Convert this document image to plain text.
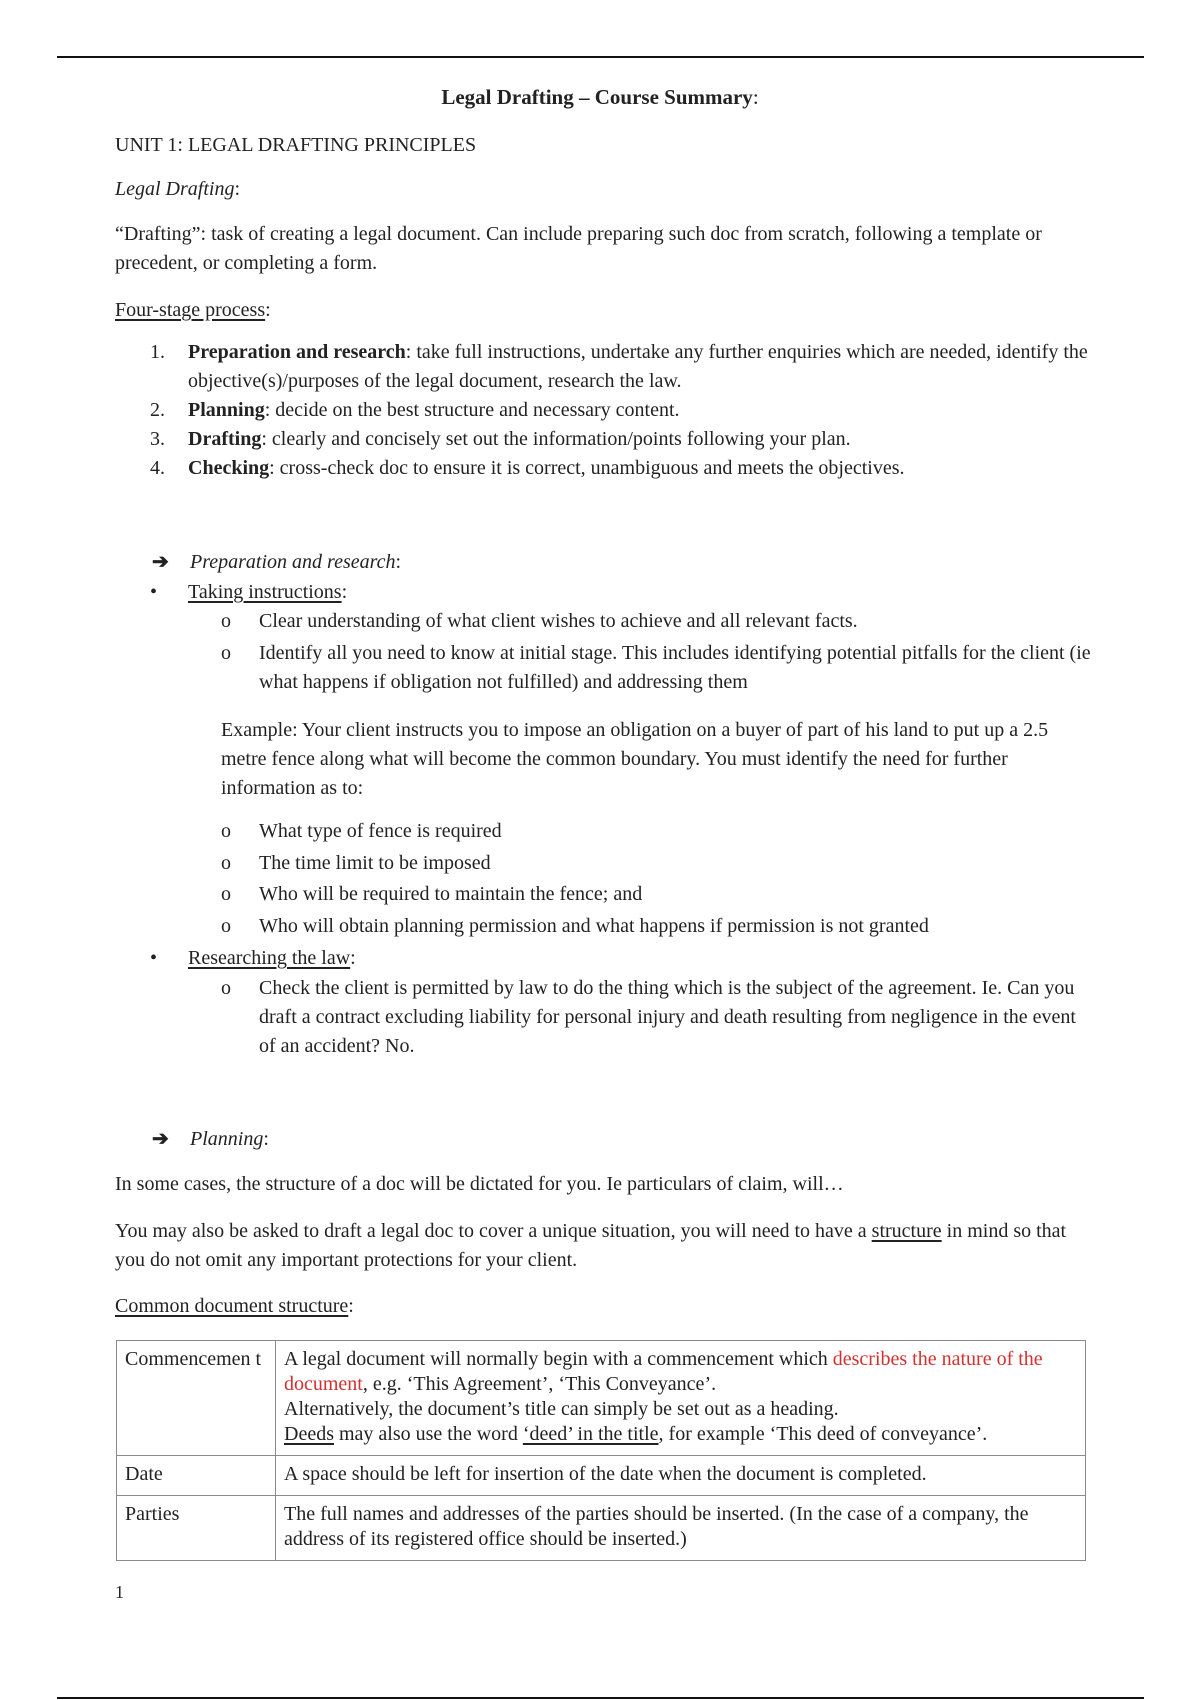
Legal Drafting – Course Summary:
UNIT 1: LEGAL DRAFTING PRINCIPLES
Legal Drafting:
“Drafting”: task of creating a legal document. Can include preparing such doc from scratch, following a template or precedent, or completing a form.
Four-stage process:
1. Preparation and research: take full instructions, undertake any further enquiries which are needed, identify the objective(s)/purposes of the legal document, research the law.
2. Planning: decide on the best structure and necessary content.
3. Drafting: clearly and concisely set out the information/points following your plan.
4. Checking: cross-check doc to ensure it is correct, unambiguous and meets the objectives.
➔ Preparation and research:
• Taking instructions:
o	Clear understanding of what client wishes to achieve and all relevant facts.
o	Identify all you need to know at initial stage. This includes identifying potential pitfalls for the client (ie what happens if obligation not fulfilled) and addressing them
Example: Your client instructs you to impose an obligation on a buyer of part of his land to put up a 2.5 metre fence along what will become the common boundary. You must identify the need for further information as to:
o	What type of fence is required
o	The time limit to be imposed
o	Who will be required to maintain the fence; and
o	Who will obtain planning permission and what happens if permission is not granted
• Researching the law:
o	Check the client is permitted by law to do the thing which is the subject of the agreement. Ie. Can you draft a contract excluding liability for personal injury and death resulting from negligence in the event of an accident? No.
➔ Planning:
In some cases, the structure of a doc will be dictated for you. Ie particulars of claim, will…
You may also be asked to draft a legal doc to cover a unique situation, you will need to have a structure in mind so that you do not omit any important protections for your client.
Common document structure:
Commencemen t	A legal document will normally begin with a commencement which describes the nature of the document, e.g. ‘This Agreement’, ‘This Conveyance’.
Alternatively, the document’s title can simply be set out as a heading.
Deeds may also use the word ‘deed’ in the title, for example ‘This deed of conveyance’.
Date	A space should be left for insertion of the date when the document is completed.
Parties	The full names and addresses of the parties should be inserted. (In the case of a company, the address of its registered office should be inserted.)
1
